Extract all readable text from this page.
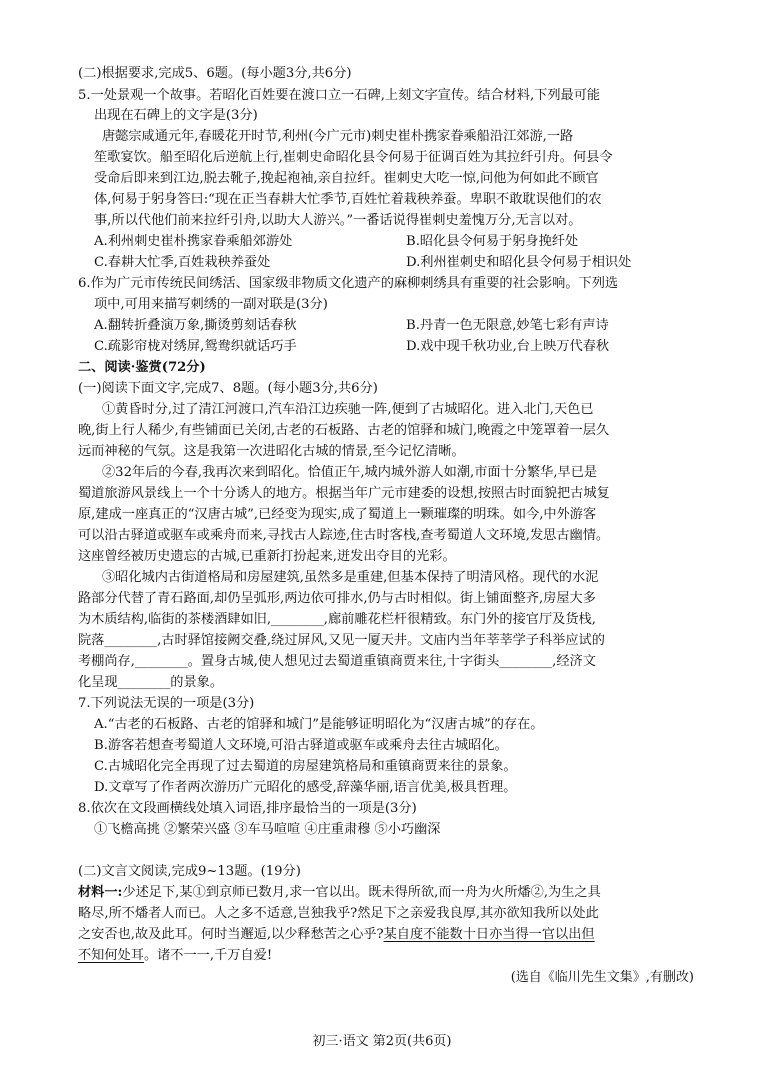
(二)根据要求,完成5、6题。(每小题3分,共6分)
5.一处景观一个故事。若昭化百姓要在渡口立一石碑,上刻文字宣传。结合材料,下列最可能
出现在石碑上的文字是(3分)
唐懿宗咸通元年,春暖花开时节,利州(今广元市)刺史崔朴携家眷乘船沿江郊游,一路
笙歌宴饮。船至昭化后逆航上行,崔刺史命昭化县令何易于征调百姓为其拉纤引舟。何县令
受命后即来到江边,脱去靴子,挽起袍袖,亲自拉纤。崔刺史大吃一惊,问他为何如此不顾官
体,何易于躬身答曰:“现在正当春耕大忙季节,百姓忙着栽秧养蚕。卑职不敢耽误他们的农
事,所以代他们前来拉纤引舟,以助大人游兴。”一番话说得崔刺史羞愧万分,无言以对。
A.利州刺史崔朴携家眷乘船郊游处	B.昭化县令何易于躬身挽纤处
C.春耕大忙季,百姓栽秧养蚕处	D.利州崔刺史和昭化县令何易于相识处
6.作为广元市传统民间绣活、国家级非物质文化遗产的麻柳刺绣具有重要的社会影响。下列选
项中,可用来描写刺绣的一副对联是(3分)
A.翻转折叠演万象,撕烫剪刻话春秋	B.丹青一色无限意,妙笔七彩有声诗
C.疏影帘栊对绣屏,鸳鸯织就话巧手	D.戏中现千秋功业,台上映万代春秋
二、阅读·鉴赏(72分)
(一)阅读下面文字,完成7、8题。(每小题3分,共6分)
①黄昏时分,过了清江河渡口,汽车沿江边疾驰一阵,便到了古城昭化。进入北门,天色已
晚,街上行人稀少,有些铺面已关闭,古老的石板路、古老的馆驿和城门,晚霞之中笼罩着一层久
远而神秘的气氛。这是我第一次进昭化古城的情景,至今记忆清晰。
②32年后的今春,我再次来到昭化。恰值正午,城内城外游人如潮,市面十分繁华,早已是
蜀道旅游风景线上一个十分诱人的地方。根据当年广元市建委的设想,按照古时面貌把古城复
原,建成一座真正的“汉唐古城”,已经变为现实,成了蜀道上一颗璀璨的明珠。如今,中外游客
可以沿古驿道或驱车或乘舟而来,寻找古人踪迹,住古时客栈,查考蜀道人文环境,发思古幽情。
这座曾经被历史遗忘的古城,已重新打扮起来,迸发出夺目的光彩。
③昭化城内古街道格局和房屋建筑,虽然多是重建,但基本保持了明清风格。现代的水泥
路部分代替了青石路面,却仍呈弧形,两边依可排水,仍与古时相似。街上铺面整齐,房屋大多
为木质结构,临街的茶楼酒肆如旧,________,廊前雕花栏杆很精致。东门外的接官厅及货栈,
院落________,古时驿馆接阙交叠,绕过屏风,又见一厦天井。文庙内当年莘莘学子科举应试的
考棚尚存,________。置身古城,使人想见过去蜀道重镇商贾来往,十字街头________,经济文
化呈现________的景象。
7.下列说法无误的一项是(3分)
A.“古老的石板路、古老的馆驿和城门”是能够证明昭化为“汉唐古城”的存在。
B.游客若想查考蜀道人文环境,可沿古驿道或驱车或乘舟去往古城昭化。
C.古城昭化完全再现了过去蜀道的房屋建筑格局和重镇商贾来往的景象。
D.文章写了作者两次游历广元昭化的感受,辞藻华丽,语言优美,极具哲理。
8.依次在文段画横线处填入词语,排序最恰当的一项是(3分)
①飞檐高挑 ②繁荣兴盛 ③车马喧喧 ④庄重肃穆 ⑤小巧幽深
(二)文言文阅读,完成9~13题。(19分)
材料一:少述足下,某①到京师已数月,求一官以出。既未得所欲,而一舟为火所燔②,为生之具
略尽,所不燔者人而已。人之多不适意,岂独我乎?然足下之亲爱我良厚,其亦欲知我所以处此
之安否也,故及此耳。何时当邂逅,以少释愁苦之心乎?某自度不能数十日亦当得一官以出但
不知何处耳。诸不一一,千万自爱!
(选自《临川先生文集》,有删改)
初三·语文 第2页(共6页)
